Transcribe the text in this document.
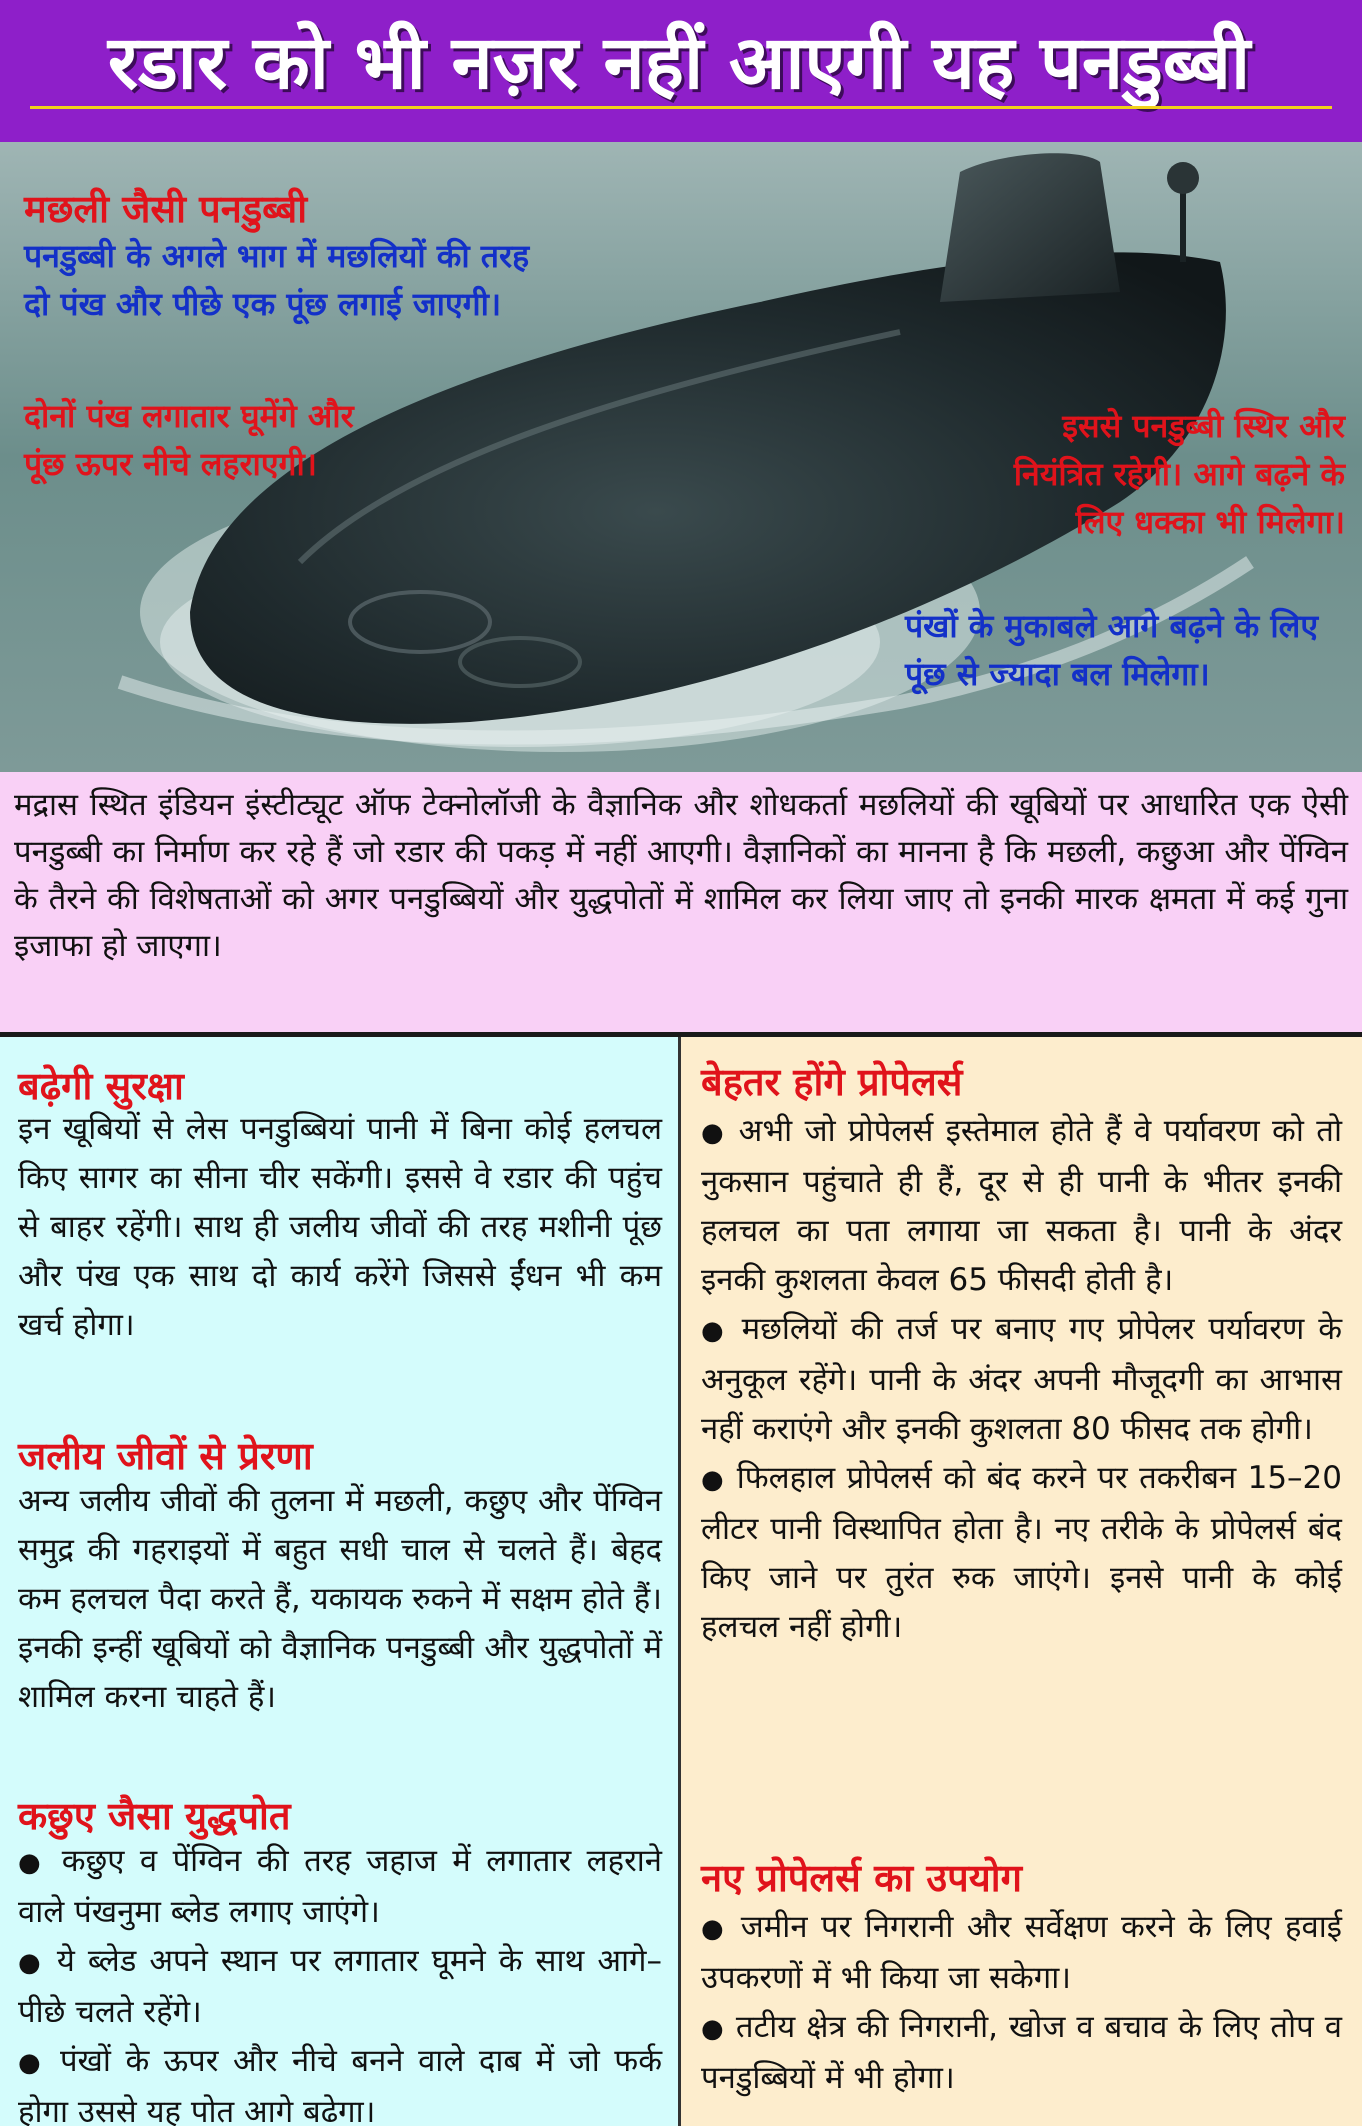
रडार को भी नज़र नहीं आएगी यह पनडुब्बी
मछली जैसी पनडुब्बी
पनडुब्बी के अगले भाग में मछलियों की तरह दो पंख और पीछे एक पूंछ लगाई जाएगी।
दोनों पंख लगातार घूमेंगे और पूंछ ऊपर नीचे लहराएगी।
इससे पनडुब्बी स्थिर और नियंत्रित रहेगी। आगे बढ़ने के लिए धक्का भी मिलेगा।
पंखों के मुकाबले आगे बढ़ने के लिए पूंछ से ज्यादा बल मिलेगा।
मद्रास स्थित इंडियन इंस्टीट्यूट ऑफ टेक्नोलॉजी के वैज्ञानिक और शोधकर्ता मछलियों की खूबियों पर आधारित एक ऐसी पनडुब्बी का निर्माण कर रहे हैं जो रडार की पकड़ में नहीं आएगी। वैज्ञानिकों का मानना है कि मछली, कछुआ और पेंग्विन के तैरने की विशेषताओं को अगर पनडुब्बियों और युद्धपोतों में शामिल कर लिया जाए तो इनकी मारक क्षमता में कई गुना इजाफा हो जाएगा।
बढ़ेगी सुरक्षा
इन खूबियों से लेस पनडुब्बियां पानी में बिना कोई हलचल किए सागर का सीना चीर सकेंगी। इससे वे रडार की पहुंच से बाहर रहेंगी। साथ ही जलीय जीवों की तरह मशीनी पूंछ और पंख एक साथ दो कार्य करेंगे जिससे ईंधन भी कम खर्च होगा।
जलीय जीवों से प्रेरणा
अन्य जलीय जीवों की तुलना में मछली, कछुए और पेंग्विन समुद्र की गहराइयों में बहुत सधी चाल से चलते हैं। बेहद कम हलचल पैदा करते हैं, यकायक रुकने में सक्षम होते हैं। इनकी इन्हीं खूबियों को वैज्ञानिक पनडुब्बी और युद्धपोतों में शामिल करना चाहते हैं।
कछुए जैसा युद्धपोत
● कछुए व पेंग्विन की तरह जहाज में लगातार लहराने वाले पंखनुमा ब्लेड लगाए जाएंगे।
● ये ब्लेड अपने स्थान पर लगातार घूमने के साथ आगे–पीछे चलते रहेंगे।
● पंखों के ऊपर और नीचे बनने वाले दाब में जो फर्क होगा उससे यह पोत आगे बढेगा।
बेहतर होंगे प्रोपेलर्स
● अभी जो प्रोपेलर्स इस्तेमाल होते हैं वे पर्यावरण को तो नुकसान पहुंचाते ही हैं, दूर से ही पानी के भीतर इनकी हलचल का पता लगाया जा सकता है। पानी के अंदर इनकी कुशलता केवल 65 फीसदी होती है।
● मछलियों की तर्ज पर बनाए गए प्रोपेलर पर्यावरण के अनुकूल रहेंगे। पानी के अंदर अपनी मौजूदगी का आभास नहीं कराएंगे और इनकी कुशलता 80 फीसद तक होगी।
● फिलहाल प्रोपेलर्स को बंद करने पर तकरीबन 15–20 लीटर पानी विस्थापित होता है। नए तरीके के प्रोपेलर्स बंद किए जाने पर तुरंत रुक जाएंगे। इनसे पानी के कोई हलचल नहीं होगी।
नए प्रोपेलर्स का उपयोग
● जमीन पर निगरानी और सर्वेक्षण करने के लिए हवाई उपकरणों में भी किया जा सकेगा।
● तटीय क्षेत्र की निगरानी, खोज व बचाव के लिए तोप व पनडुब्बियों में भी होगा।
